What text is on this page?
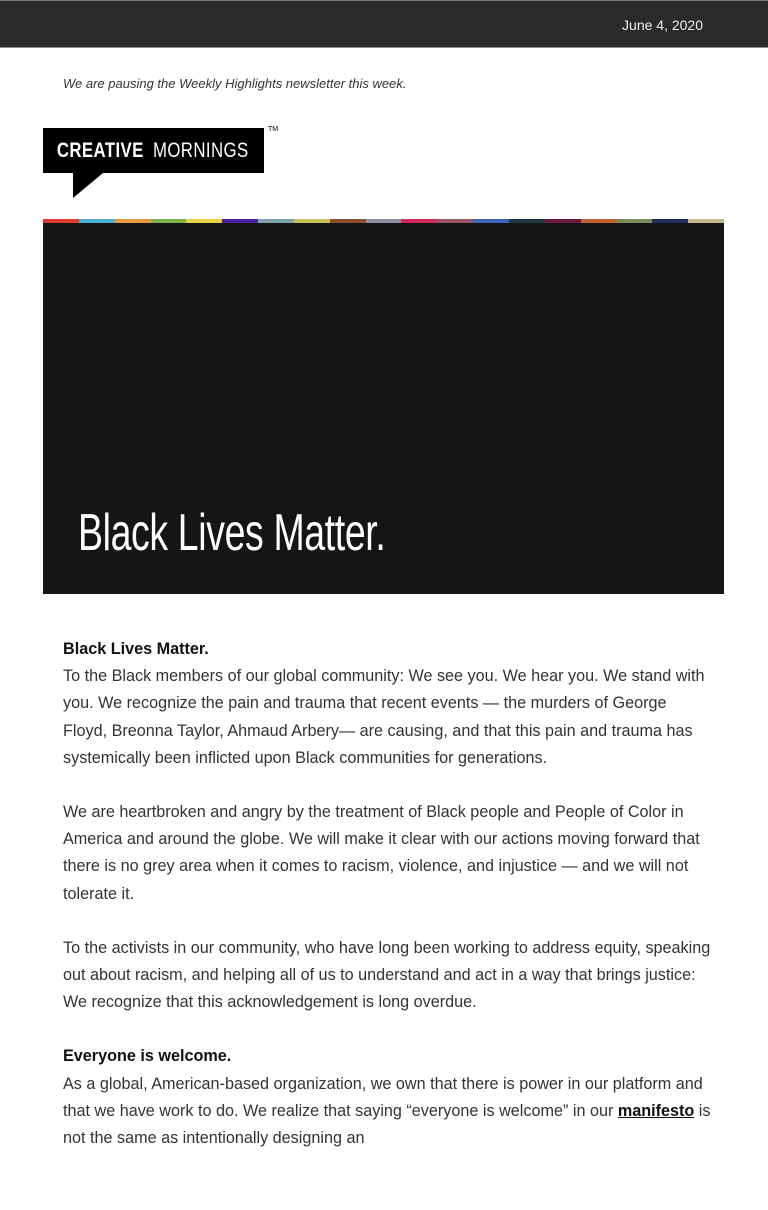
June 4, 2020
We are pausing the Weekly Highlights newsletter this week.
CREATIVE MORNINGS
TM
Black Lives Matter.
Black Lives Matter.

To the Black members of our global community: We see you. We hear you. We stand with you. We recognize the pain and trauma that recent events — the murders of George Floyd, Breonna Taylor, Ahmaud Arbery— are causing, and that this pain and trauma has systemically been inflicted upon Black communities for generations.

We are heartbroken and angry by the treatment of Black people and People of Color in America and around the globe. We will make it clear with our actions moving forward that there is no grey area when it comes to racism, violence, and injustice — and we will not tolerate it.

To the activists in our community, who have long been working to address equity, speaking out about racism, and helping all of us to understand and act in a way that brings justice: We recognize that this acknowledgement is long overdue.

Everyone is welcome.

As a global, American-based organization, we own that there is power in our platform and that we have work to do. We realize that saying “everyone is welcome” in our manifesto is not the same as intentionally designing an
